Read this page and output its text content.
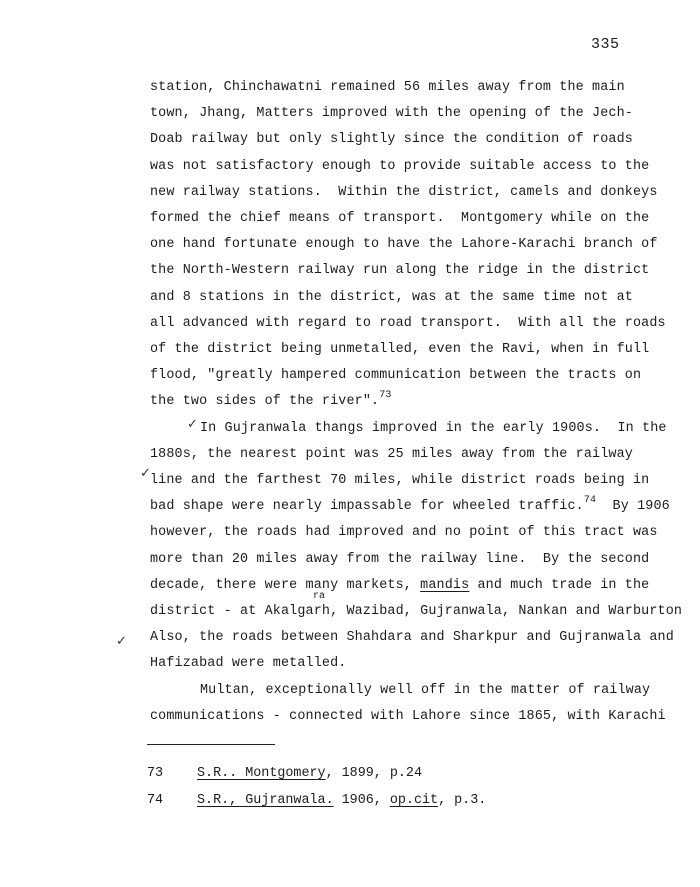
335
station, Chinchawatni remained 56 miles away from the main
town, Jhang, Matters improved with the opening of the Jech-
Doab railway but only slightly since the condition of roads
was not satisfactory enough to provide suitable access to the
new railway stations.  Within the district, camels and donkeys
formed the chief means of transport.  Montgomery while on the
one hand fortunate enough to have the Lahore-Karachi branch of
the North-Western railway run along the ridge in the district
and 8 stations in the district, was at the same time not at
all advanced with regard to road transport.  With all the roads
of the district being unmetalled, even the Ravi, when in full
flood, "greatly hampered communication between the tracts on
the two sides of the river".$^{73}$
In Gujranwala thangs improved in the early 1900s.  In the
1880s, the nearest point was 25 miles away from the railway
line and the farthest 70 miles, while district roads being in
bad shape were nearly impassable for wheeled traffic.$^{74}$  By 1906
however, the roads had improved and no point of this tract was
more than 20 miles away from the railway line.  By the second
decade, there were many markets, mandis and much trade in the
district - at Akalgarh, Wazibad, Gujranwala, Nankan and Warburton
Also, the roads between Shahdara and Sharkpur and Gujranwala and
Hafizabad were metalled.
Multan, exceptionally well off in the matter of railway
communications - connected with Lahore since 1865, with Karachi
ra
✓
✓
✓

73

	S.R.. Montgomery, 1899, p.24

74

	S.R., Gujranwala. 1906, op.cit, p.3.
